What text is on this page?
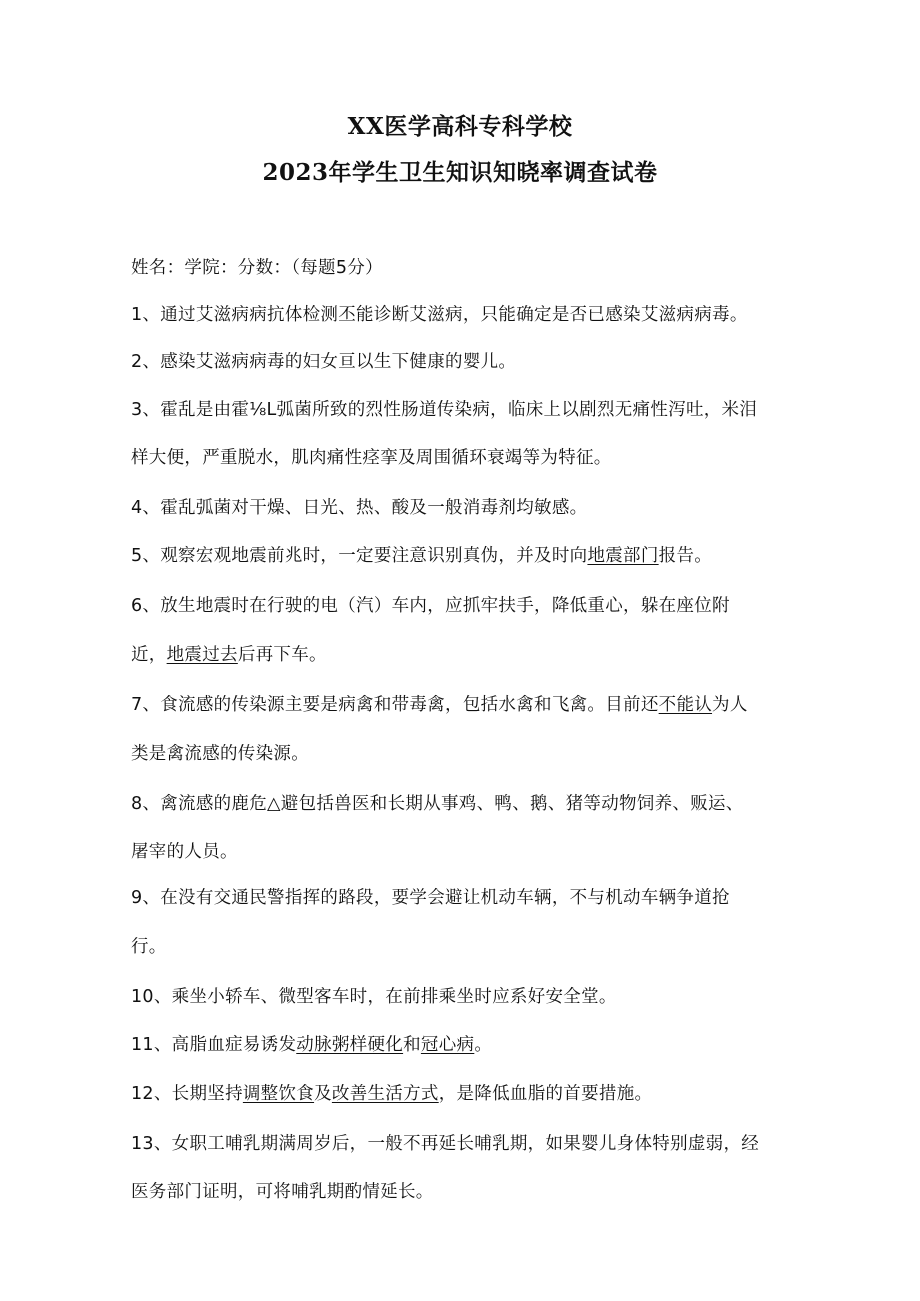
XX医学高科专科学校
2023年学生卫生知识知晓率调查试卷
姓名：学院：分数：（每题5分）
1、通过艾滋病病抗体检测丕能诊断艾滋病，只能确定是否已感染艾滋病病毒。
2、感染艾滋病病毒的妇女亘以生下健康的婴儿。
3、霍乱是由霍⅛L弧菌所致的烈性肠道传染病，临床上以剧烈无痛性泻吐，米泪
样大便，严重脱水，肌肉痛性痉挛及周围循环衰竭等为特征。
4、霍乱弧菌对干燥、日光、热、酸及一般消毒剂均敏感。
5、观察宏观地震前兆时，一定要注意识别真伪，并及时向地震部门报告。
6、放生地震时在行驶的电（汽）车内，应抓牢扶手，降低重心，躲在座位附
近，地震过去后再下车。
7、食流感的传染源主要是病禽和带毒禽，包括水禽和飞禽。目前还不能认为人
类是禽流感的传染源。
8、禽流感的鹿危△避包括兽医和长期从事鸡、鸭、鹅、猪等动物饲养、贩运、
屠宰的人员。
9、在没有交通民警指挥的路段，要学会避让机动车辆，不与机动车辆争道抢
行。
10、乘坐小轿车、微型客车时，在前排乘坐时应系好安全堂。
11、高脂血症易诱发动脉粥样硬化和冠心病。
12、长期坚持调整饮食及改善生活方式，是降低血脂的首要措施。
13、女职工哺乳期满周岁后，一般不再延长哺乳期，如果婴儿身体特别虚弱，经
医务部门证明，可将哺乳期酌情延长。
